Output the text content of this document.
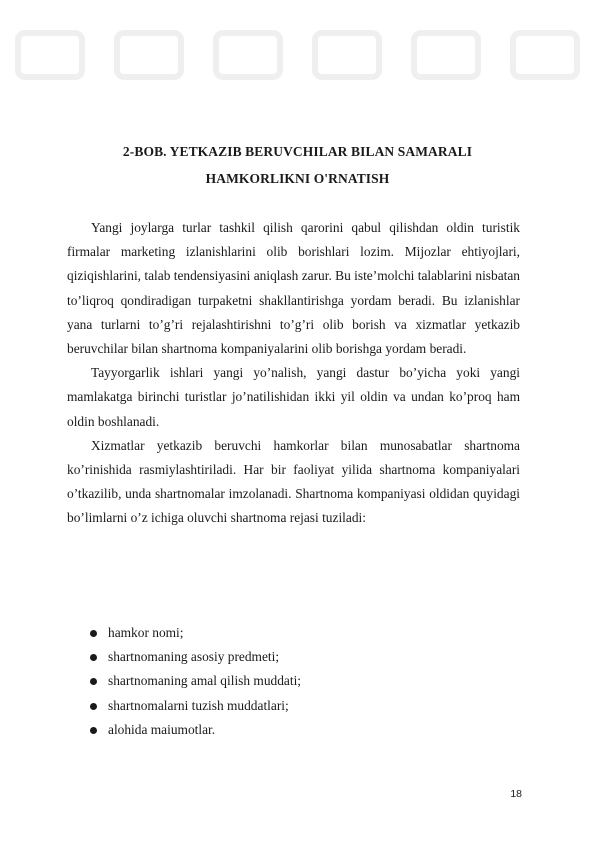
2-BOB. YETKAZIB BERUVCHILAR BILAN SAMARALI
HAMKORLIKNI O'RNATISH

Yangi joylarga turlar tashkil qilish qarorini qabul qilishdan oldin turistik firmalar marketing izlanishlarini olib borishlari lozim. Mijozlar ehtiyojlari, qiziqishlarini, talab tendensiyasini aniqlash zarur. Bu iste’molchi talablarini nisbatan to’liqroq qondiradigan turpaketni shakllantirishga yordam beradi. Bu izlanishlar yana turlarni to’g’ri rejalashtirishni to’g’ri olib borish va xizmatlar yetkazib beruvchilar bilan shartnoma kompaniyalarini olib borishga yordam beradi.

Tayyorgarlik ishlari yangi yo’nalish, yangi dastur bo’yicha yoki yangi mamlakatga birinchi turistlar jo’natilishidan ikki yil oldin va undan ko’proq ham oldin boshlanadi.

Xizmatlar yetkazib beruvchi hamkorlar bilan munosabatlar shartnoma ko’rinishida rasmiylashtiriladi. Har bir faoliyat yilida shartnoma kompaniyalari o’tkazilib, unda shartnomalar imzolanadi. Shartnoma kompaniyasi oldidan quyidagi bo’limlarni o’z ichiga oluvchi shartnoma rejasi tuziladi:

hamkor nomi;
shartnomaning asosiy predmeti;
shartnomaning amal qilish muddati;
shartnomalarni tuzish muddatlari;
alohida maiumotlar.
18
